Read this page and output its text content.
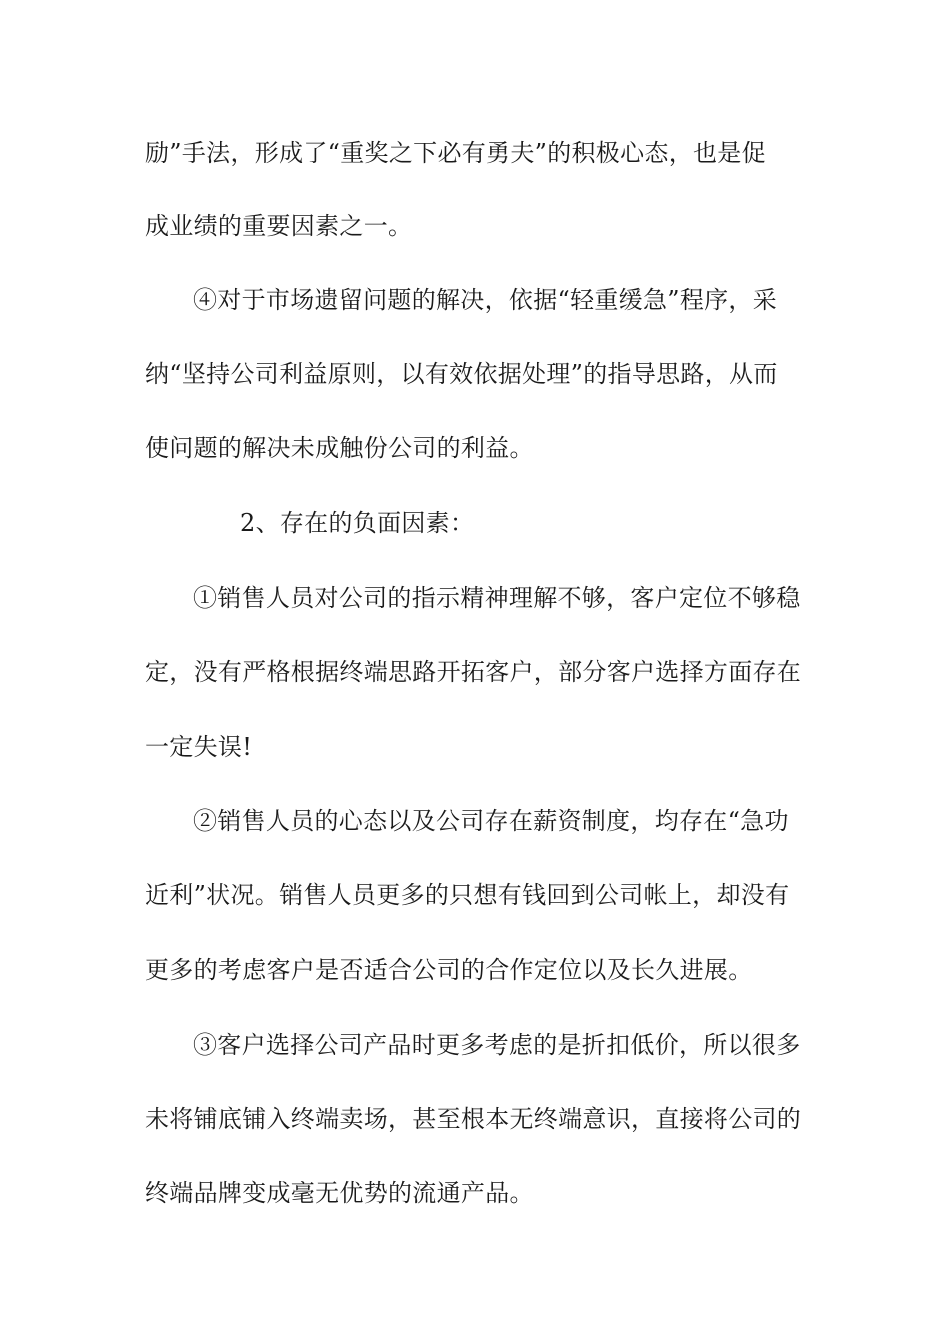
励”手法，形成了“重奖之下必有勇夫”的积极心态，也是促
成业绩的重要因素之一。
④对于市场遗留问题的解决，依据“轻重缓急”程序，采
纳“坚持公司利益原则，以有效依据处理”的指导思路，从而
使问题的解决未成触份公司的利益。
2、存在的负面因素：
①销售人员对公司的指示精神理解不够，客户定位不够稳
定，没有严格根据终端思路开拓客户，部分客户选择方面存在
一定失误!
②销售人员的心态以及公司存在薪资制度，均存在“急功
近利”状况。销售人员更多的只想有钱回到公司帐上，却没有
更多的考虑客户是否适合公司的合作定位以及长久进展。
③客户选择公司产品时更多考虑的是折扣低价，所以很多
未将铺底铺入终端卖场，甚至根本无终端意识，直接将公司的
终端品牌变成毫无优势的流通产品。
